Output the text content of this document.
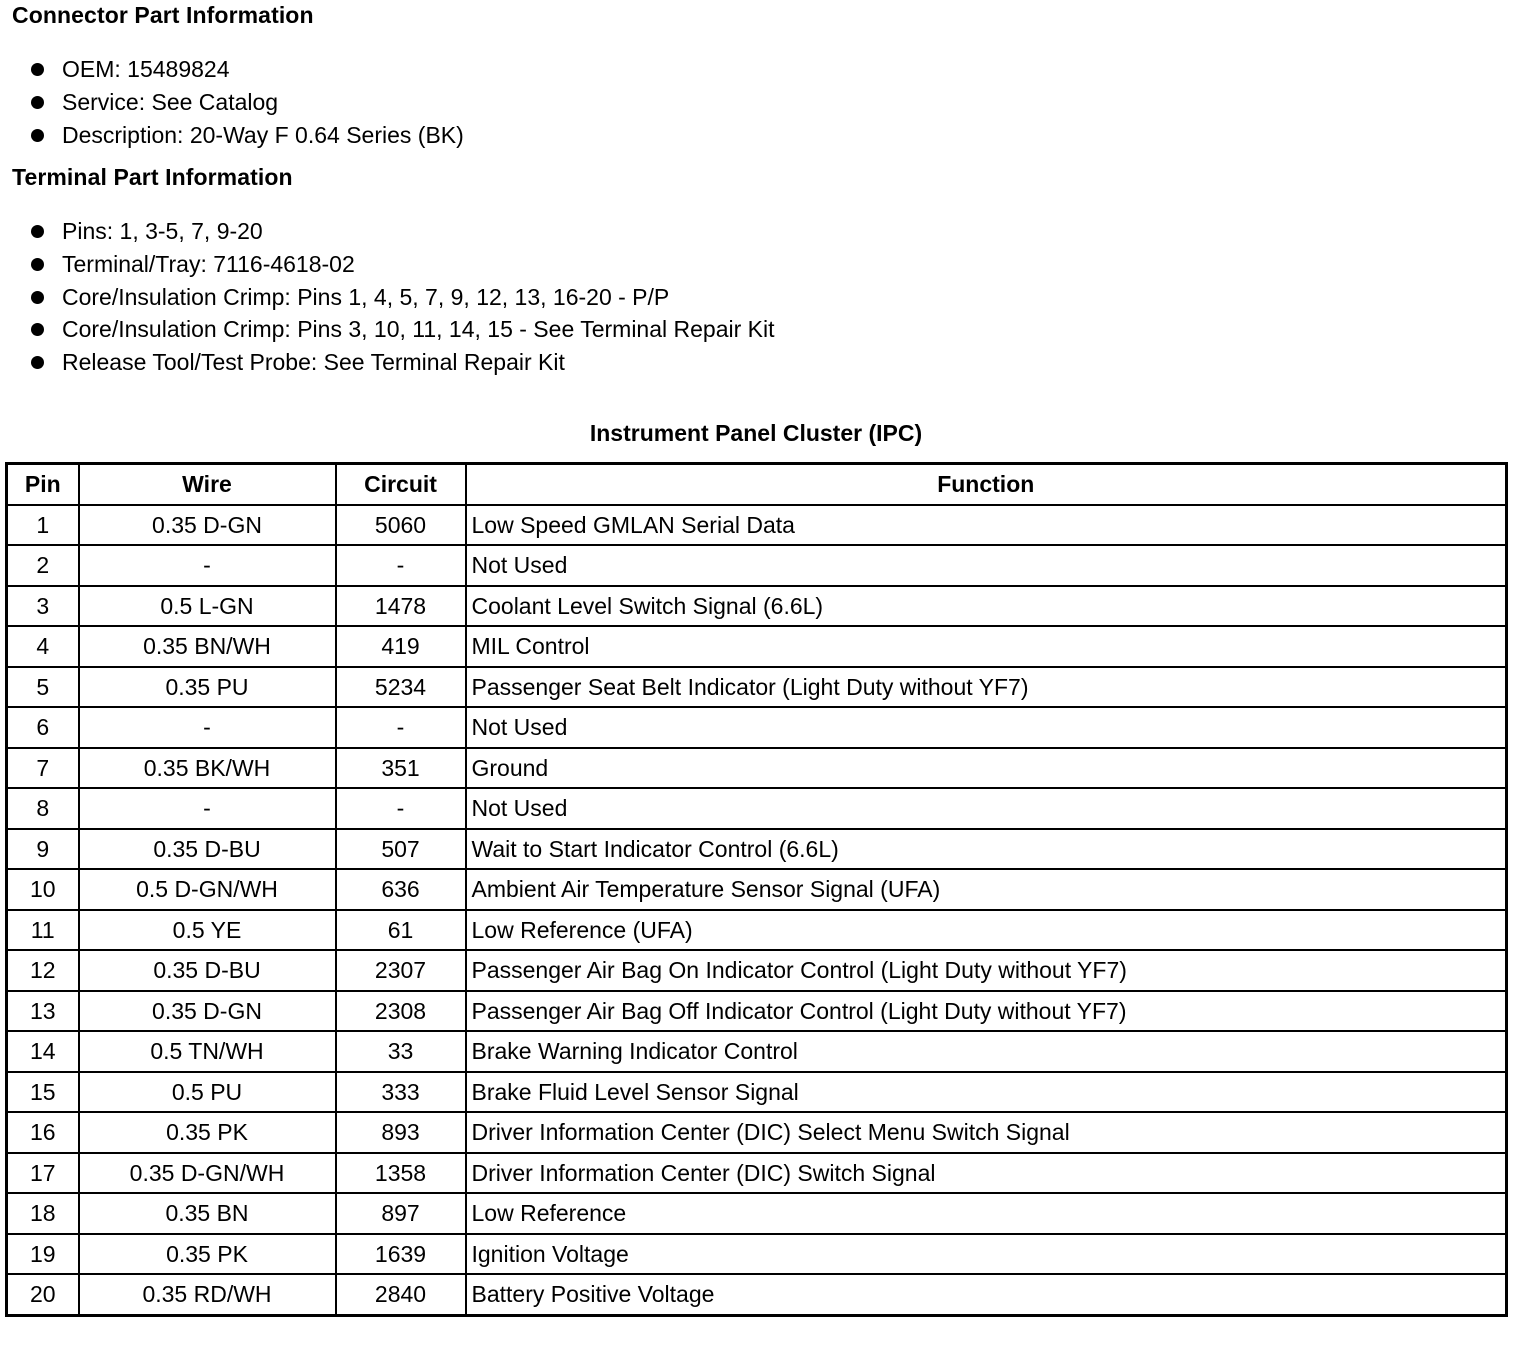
Connector Part Information
OEM: 15489824
Service: See Catalog
Description: 20-Way F 0.64 Series (BK)
Terminal Part Information
Pins: 1, 3-5, 7, 9-20
Terminal/Tray: 7116-4618-02
Core/Insulation Crimp: Pins 1, 4, 5, 7, 9, 12, 13, 16-20 - P/P
Core/Insulation Crimp: Pins 3, 10, 11, 14, 15 - See Terminal Repair Kit
Release Tool/Test Probe: See Terminal Repair Kit
Instrument Panel Cluster (IPC)
Pin	Wire	Circuit	Function
1	0.35 D-GN	5060	Low Speed GMLAN Serial Data
2	-	-	Not Used
3	0.5 L-GN	1478	Coolant Level Switch Signal (6.6L)
4	0.35 BN/WH	419	MIL Control
5	0.35 PU	5234	Passenger Seat Belt Indicator (Light Duty without YF7)
6	-	-	Not Used
7	0.35 BK/WH	351	Ground
8	-	-	Not Used
9	0.35 D-BU	507	Wait to Start Indicator Control (6.6L)
10	0.5 D-GN/WH	636	Ambient Air Temperature Sensor Signal (UFA)
11	0.5 YE	61	Low Reference (UFA)
12	0.35 D-BU	2307	Passenger Air Bag On Indicator Control (Light Duty without YF7)
13	0.35 D-GN	2308	Passenger Air Bag Off Indicator Control (Light Duty without YF7)
14	0.5 TN/WH	33	Brake Warning Indicator Control
15	0.5 PU	333	Brake Fluid Level Sensor Signal
16	0.35 PK	893	Driver Information Center (DIC) Select Menu Switch Signal
17	0.35 D-GN/WH	1358	Driver Information Center (DIC) Switch Signal
18	0.35 BN	897	Low Reference
19	0.35 PK	1639	Ignition Voltage
20	0.35 RD/WH	2840	Battery Positive Voltage
